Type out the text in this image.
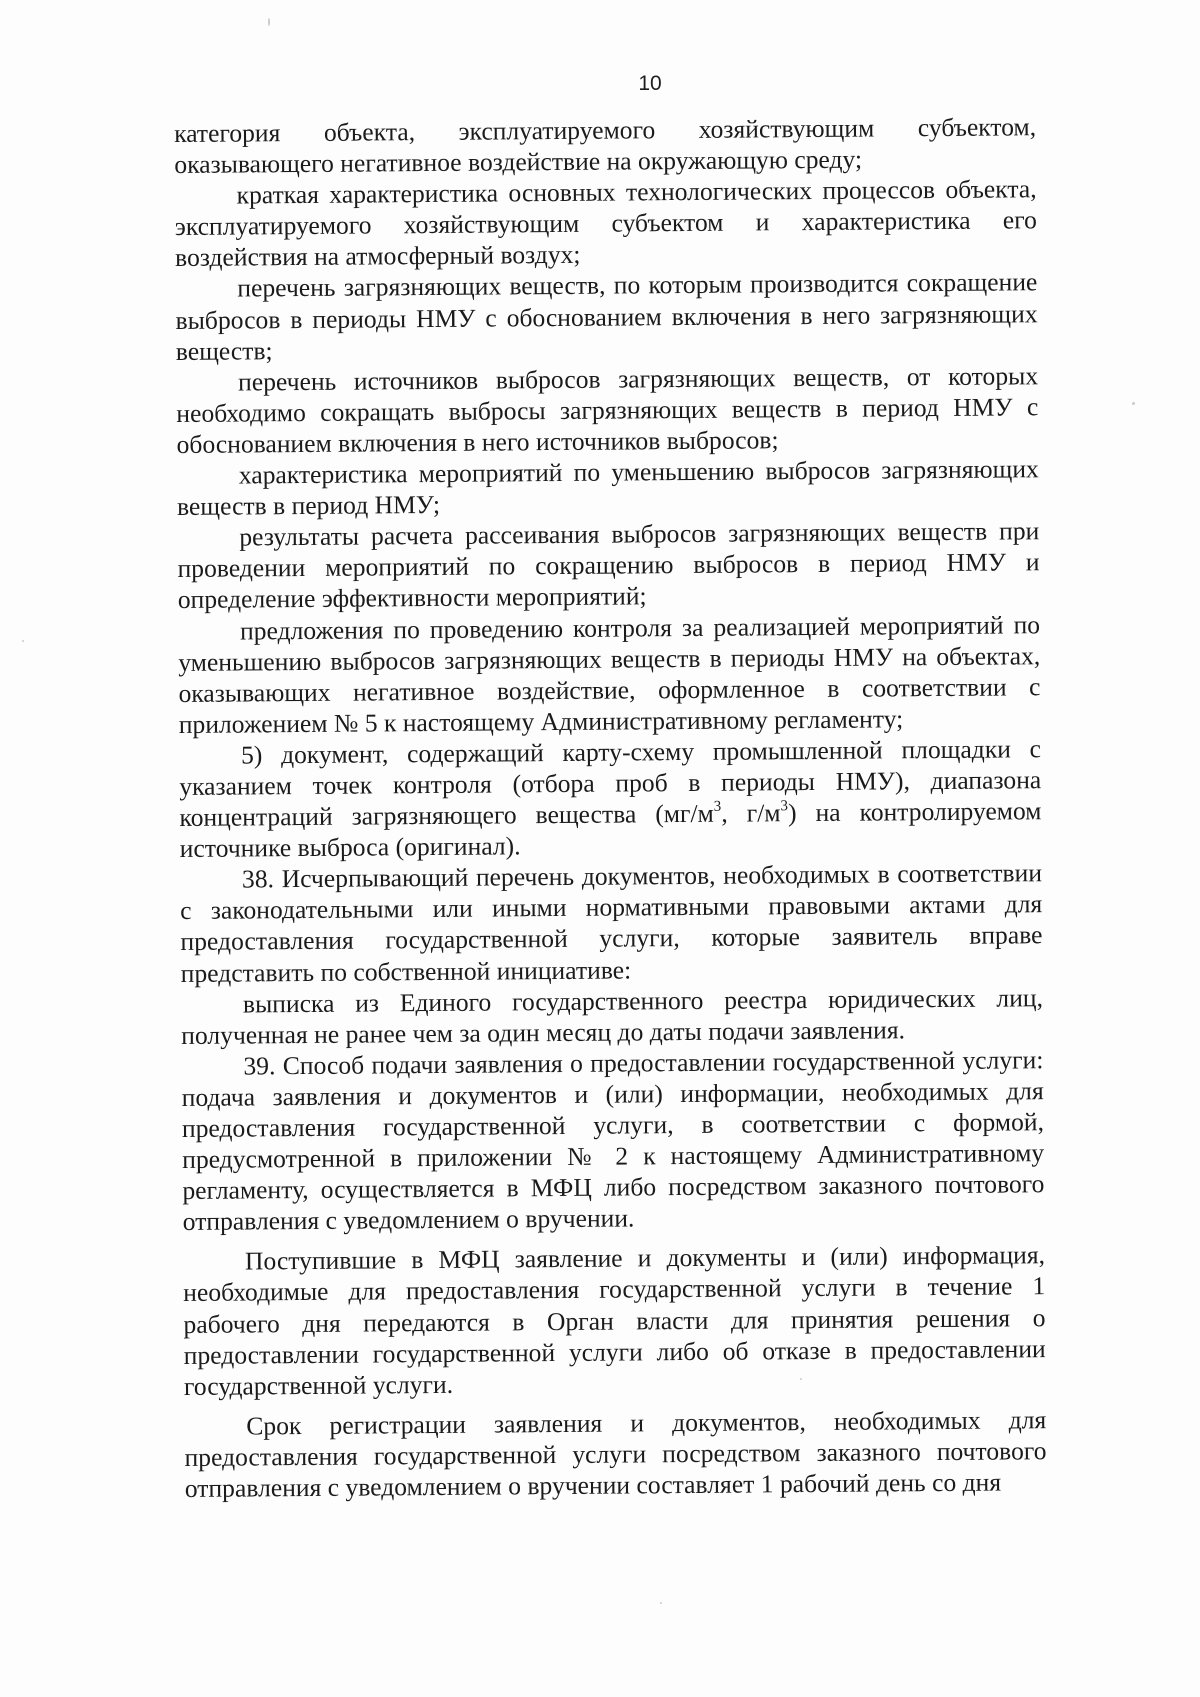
10

категория объекта, эксплуатируемого хозяйствующим субъектом, оказывающего негативное воздействие на окружающую среду;

краткая характеристика основных технологических процессов объекта, эксплуатируемого хозяйствующим субъектом и характеристика его воздействия на атмосферный воздух;

перечень загрязняющих веществ, по которым производится сокращение выбросов в периоды НМУ с обоснованием включения в него загрязняющих веществ;

перечень источников выбросов загрязняющих веществ, от которых необходимо сокращать выбросы загрязняющих веществ в период НМУ с обоснованием включения в него источников выбросов;

характеристика мероприятий по уменьшению выбросов загрязняющих веществ в период НМУ;

результаты расчета рассеивания выбросов загрязняющих веществ при проведении мероприятий по сокращению выбросов в период НМУ и определение эффективности мероприятий;

предложения по проведению контроля за реализацией мероприятий по уменьшению выбросов загрязняющих веществ в периоды НМУ на объектах, оказывающих негативное воздействие, оформленное в соответствии с приложением № 5 к настоящему Административному регламенту;

5) документ, содержащий карту-схему промышленной площадки с указанием точек контроля (отбора проб в периоды НМУ), диапазона концентраций загрязняющего вещества ($мг/м^3$, $г/м^3$) на контролируемом источнике выброса (оригинал).

38. Исчерпывающий перечень документов, необходимых в соответствии с законодательными или иными нормативными правовыми актами для предоставления государственной услуги, которые заявитель вправе представить по собственной инициативе:

выписка из Единого государственного реестра юридических лиц, полученная не ранее чем за один месяц до даты подачи заявления.

39. Способ подачи заявления о предоставлении государственной услуги: подача заявления и документов и (или) информации, необходимых для предоставления государственной услуги, в соответствии с формой, предусмотренной в приложении № 2 к настоящему Административному регламенту, осуществляется в МФЦ либо посредством заказного почтового отправления с уведомлением о вручении.

Поступившие в МФЦ заявление и документы и (или) информация, необходимые для предоставления государственной услуги в течение 1 рабочего дня передаются в Орган власти для принятия решения о предоставлении государственной услуги либо об отказе в предоставлении государственной услуги.

Срок регистрации заявления и документов, необходимых для предоставления государственной услуги посредством заказного почтового отправления с уведомлением о вручении составляет 1 рабочий день со дня
